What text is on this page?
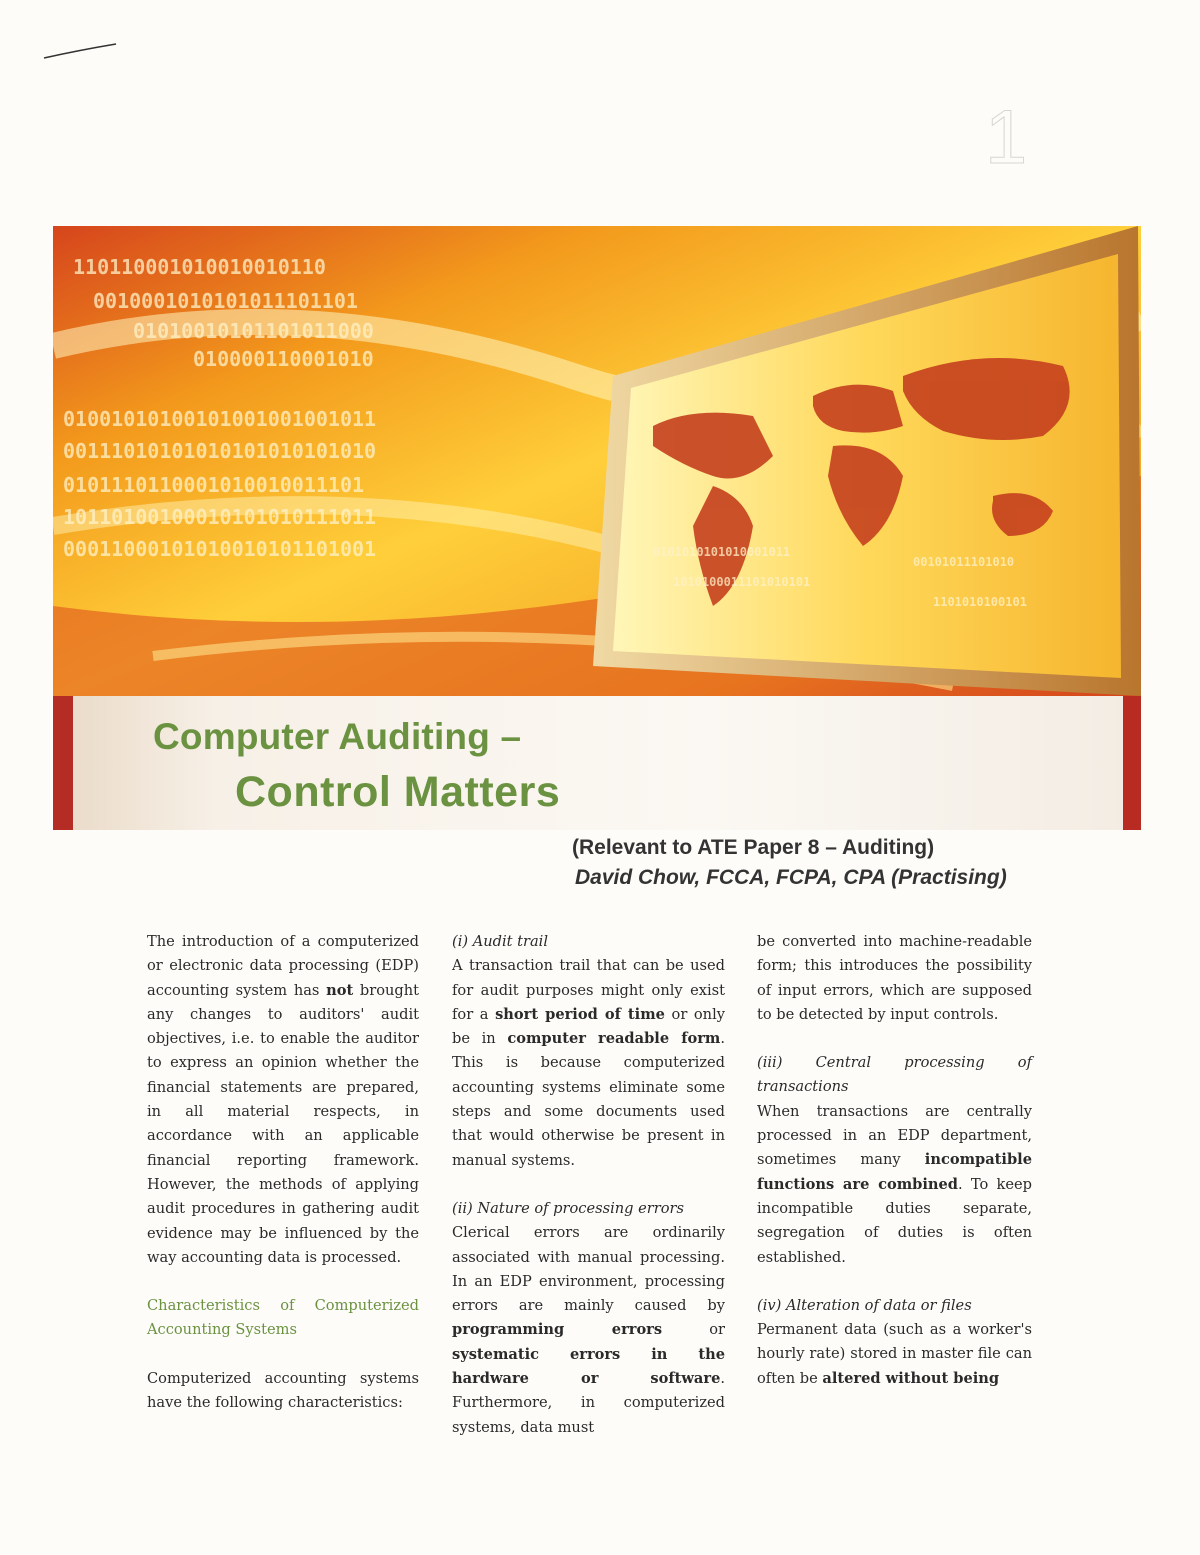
1
110110001010010010110
0010001010101011101101
01010010101101011000
010000110001010
01001010100101001001001011
00111010101010101010101010
0101110110001010010011101
10110100100010101010111011
00011000101010010101101001	0101010101010001011
1010100011101010101
00101011101010
1101010100101
Computer Auditing –
Control Matters
(Relevant to ATE Paper 8 – Auditing)
David Chow, FCCA, FCPA, CPA (Practising)

The introduction of a computerized or electronic data processing (EDP) accounting system has not brought any changes to auditors' audit objectives, i.e. to enable the auditor to express an opinion whether the financial statements are prepared, in all material respects, in accordance with an applicable financial reporting framework. However, the methods of applying audit procedures in gathering audit evidence may be influenced by the way accounting data is processed.

Characteristics of Computerized Accounting Systems

Computerized accounting systems have the following characteristics:

(i) Audit trail

A transaction trail that can be used for audit purposes might only exist for a short period of time or only be in computer readable form. This is because computerized accounting systems eliminate some steps and some documents used that would otherwise be present in manual systems.

(ii) Nature of processing errors

Clerical errors are ordinarily associated with manual processing. In an EDP environment, processing errors are mainly caused by programming errors or systematic errors in the hardware or software. Furthermore, in computerized systems, data must

be converted into machine-readable form; this introduces the possibility of input errors, which are supposed to be detected by input controls.

(iii) Central processing of transactions

When transactions are centrally processed in an EDP department, sometimes many incompatible functions are combined. To keep incompatible duties separate, segregation of duties is often established.

(iv) Alteration of data or files

Permanent data (such as a worker's hourly rate) stored in master file can often be altered without being
